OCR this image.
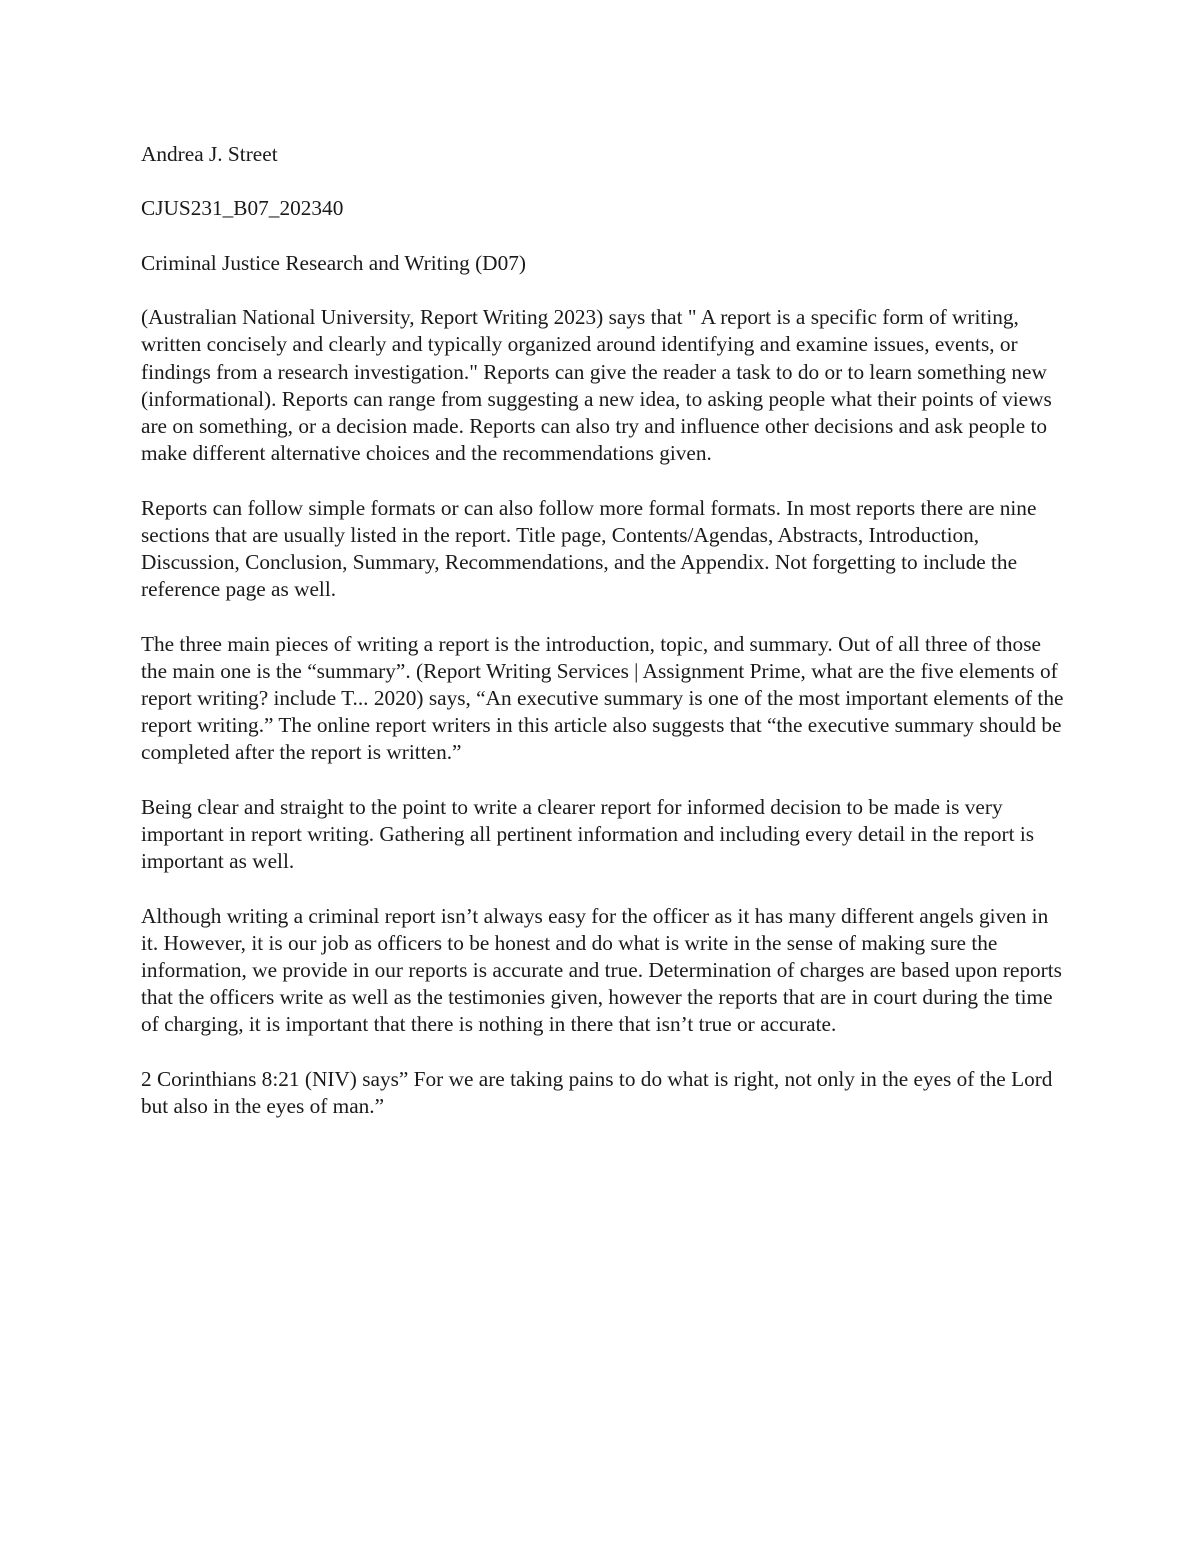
Andrea J. Street

CJUS231_B07_202340

Criminal Justice Research and Writing (D07)

(Australian National University, Report Writing 2023) says that " A report is a specific form of writing, written concisely and clearly and typically organized around identifying and examine issues, events, or findings from a research investigation." Reports can give the reader a task to do or to learn something new (informational). Reports can range from suggesting a new idea, to asking people what their points of views are on something, or a decision made. Reports can also try and influence other decisions and ask people to make different alternative choices and the recommendations given.

Reports can follow simple formats or can also follow more formal formats. In most reports there are nine sections that are usually listed in the report. Title page, Contents/Agendas, Abstracts, Introduction, Discussion, Conclusion, Summary, Recommendations, and the Appendix. Not forgetting to include the reference page as well.

The three main pieces of writing a report is the introduction, topic, and summary. Out of all three of those the main one is the “summary”. (Report Writing Services | Assignment Prime, what are the five elements of report writing? include T... 2020) says, “An executive summary is one of the most important elements of the report writing.” The online report writers in this article also suggests that “the executive summary should be completed after the report is written.”

Being clear and straight to the point to write a clearer report for informed decision to be made is very important in report writing. Gathering all pertinent information and including every detail in the report is important as well.

Although writing a criminal report isn’t always easy for the officer as it has many different angels given in it. However, it is our job as officers to be honest and do what is write in the sense of making sure the information, we provide in our reports is accurate and true. Determination of charges are based upon reports that the officers write as well as the testimonies given, however the reports that are in court during the time of charging, it is important that there is nothing in there that isn’t true or accurate.

2 Corinthians 8:21 (NIV) says” For we are taking pains to do what is right, not only in the eyes of the Lord but also in the eyes of man.”
